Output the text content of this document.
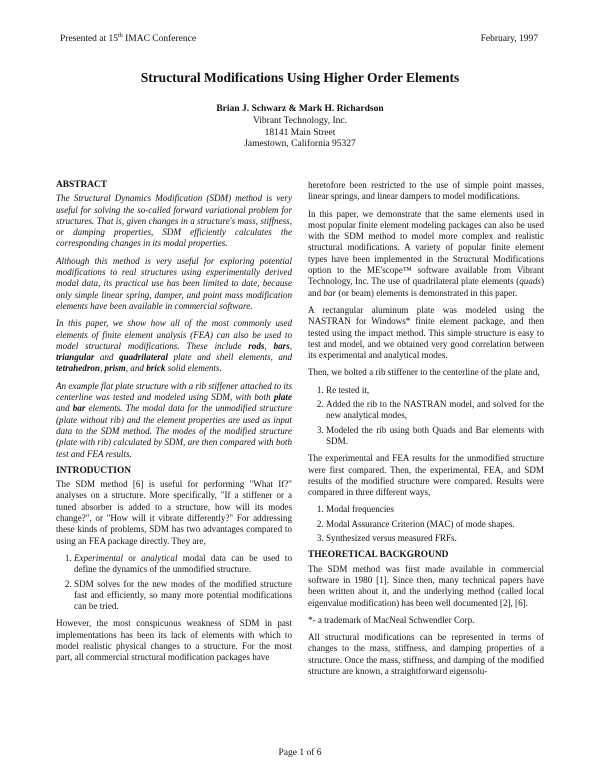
Presented at 15th IMAC Conference	February, 1997
Structural Modifications Using Higher Order Elements
Brian J. Schwarz & Mark H. Richardson
Vibrant Technology, Inc.
18141 Main Street
Jamestown, California 95327
ABSTRACT

The Structural Dynamics Modification (SDM) method is very useful for solving the so-called forward variational problem for structures. That is, given changes in a structure's mass, stiffness, or damping properties, SDM efficiently calculates the corresponding changes in its modal properties.

Although this method is very useful for exploring potential modifications to real structures using experimentally derived modal data, its practical use has been limited to date, because only simple linear spring, damper, and point mass modification elements have been available in commercial software.

In this paper, we show how all of the most commonly used elements of finite element analysis (FEA) can also be used to model structural modifications. These include rods, bars, triangular and quadrilateral plate and shell elements, and tetrahedron, prism, and brick solid elements.

An example flat plate structure with a rib stiffener attached to its centerline was tested and modeled using SDM, with both plate and bar elements. The modal data for the unmodified structure (plate without rib) and the element properties are used as input data to the SDM method. The modes of the modified structure (plate with rib) calculated by SDM, are then compared with both test and FEA results.

INTRODUCTION

The SDM method [6] is useful for performing "What If?" analyses on a structure. More specifically, "If a stiffener or a tuned absorber is added to a structure, how will its modes change?", or "How will it vibrate differently?" For addressing these kinds of problems, SDM has two advantages compared to using an FEA package directly. They are,

1. Experimental or analytical modal data can be used to define the dynamics of the unmodified structure.
2. SDM solves for the new modes of the modified structure fast and efficiently, so many more potential modifications can be tried.

However, the most conspicuous weakness of SDM in past implementations has been its lack of elements with which to model realistic physical changes to a structure. For the most part, all commercial structural modification packages have

heretofore been restricted to the use of simple point masses, linear springs, and linear dampers to model modifications.

In this paper, we demonstrate that the same elements used in most popular finite element modeling packages can also be used with the SDM method to model more complex and realistic structural modifications. A variety of popular finite element types have been implemented in the Structural Modifications option to the ME'scope™ software available from Vibrant Technology, Inc. The use of quadrilateral plate elements (quads) and bar (or beam) elements is demonstrated in this paper.

A rectangular aluminum plate was modeled using the NASTRAN for Windows* finite element package, and then tested using the impact method. This simple structure is easy to test and model, and we obtained very good correlation between its experimental and analytical modes.

Then, we bolted a rib stiffener to the centerline of the plate and,

1. Re tested it,
2. Added the rib to the NASTRAN model, and solved for the new analytical modes,
3. Modeled the rib using both Quads and Bar elements with SDM.

The experimental and FEA results for the unmodified structure were first compared. Then, the experimental, FEA, and SDM results of the modified structure were compared. Results were compared in three different ways,

1. Modal frequencies
2. Modal Assurance Criterion (MAC) of mode shapes.
3. Synthesized versus measured FRFs.
THEORETICAL BACKGROUND

The SDM method was first made available in commercial software in 1980 [1]. Since then, many technical papers have been written about it, and the underlying method (called local eigenvalue modification) has been well documented [2], [6].

*- a trademark of MacNeal Schwendler Corp.

All structural modifications can be represented in terms of changes to the mass, stiffness, and damping properties of a structure. Once the mass, stiffness, and damping of the modified structure are known, a straightforward eigensolu-

Page 1 of 6
